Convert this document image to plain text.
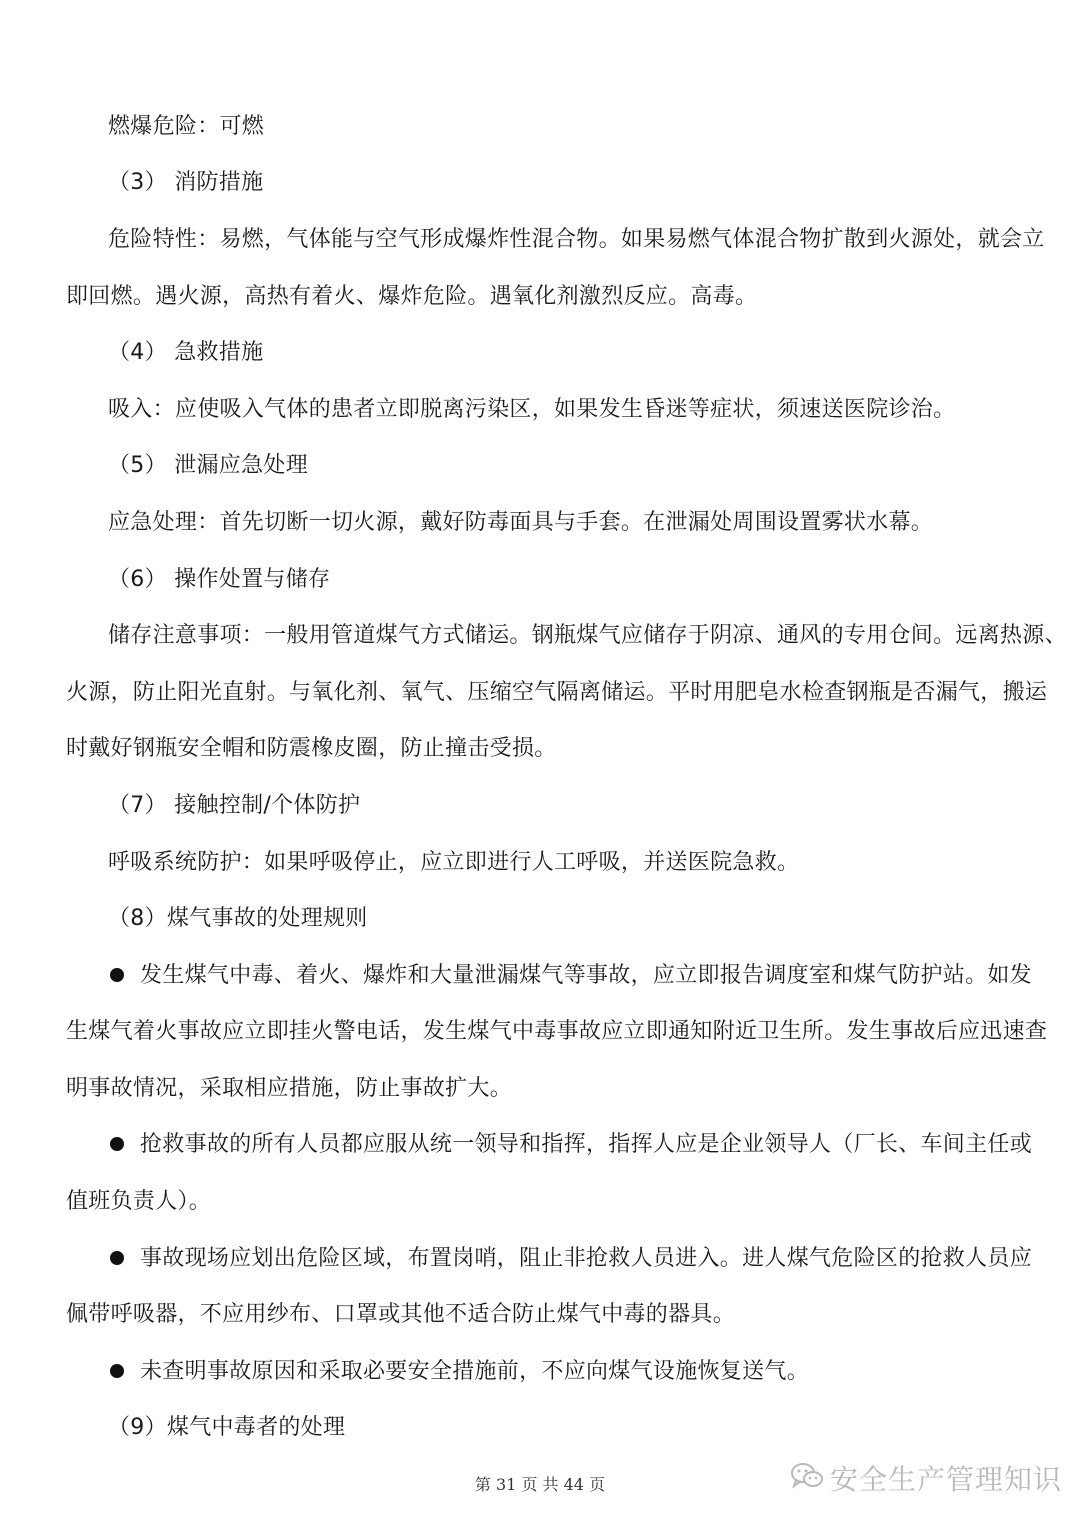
燃爆危险：可燃
（3） 消防措施
危险特性：易燃，气体能与空气形成爆炸性混合物。如果易燃气体混合物扩散到火源处，就会立
即回燃。遇火源，高热有着火、爆炸危险。遇氧化剂激烈反应。高毒。
（4） 急救措施
吸入：应使吸入气体的患者立即脱离污染区，如果发生昏迷等症状，须速送医院诊治。
（5） 泄漏应急处理
应急处理：首先切断一切火源，戴好防毒面具与手套。在泄漏处周围设置雾状水幕。
（6） 操作处置与储存
储存注意事项：一般用管道煤气方式储运。钢瓶煤气应储存于阴凉、通风的专用仓间。远离热源、
火源，防止阳光直射。与氧化剂、氧气、压缩空气隔离储运。平时用肥皂水检查钢瓶是否漏气，搬运
时戴好钢瓶安全帽和防震橡皮圈，防止撞击受损。
（7） 接触控制/个体防护
呼吸系统防护：如果呼吸停止，应立即进行人工呼吸，并送医院急救。
（8）煤气事故的处理规则
发生煤气中毒、着火、爆炸和大量泄漏煤气等事故，应立即报告调度室和煤气防护站。如发
生煤气着火事故应立即挂火警电话，发生煤气中毒事故应立即通知附近卫生所。发生事故后应迅速查
明事故情况，采取相应措施，防止事故扩大。
抢救事故的所有人员都应服从统一领导和指挥，指挥人应是企业领导人（厂长、车间主任或
值班负责人）。
事故现场应划出危险区域，布置岗哨，阻止非抢救人员进入。进人煤气危险区的抢救人员应
佩带呼吸器，不应用纱布、口罩或其他不适合防止煤气中毒的器具。
未查明事故原因和采取必要安全措施前，不应向煤气设施恢复送气。
（9）煤气中毒者的处理
第 31 页 共 44 页	安全生产管理知识
